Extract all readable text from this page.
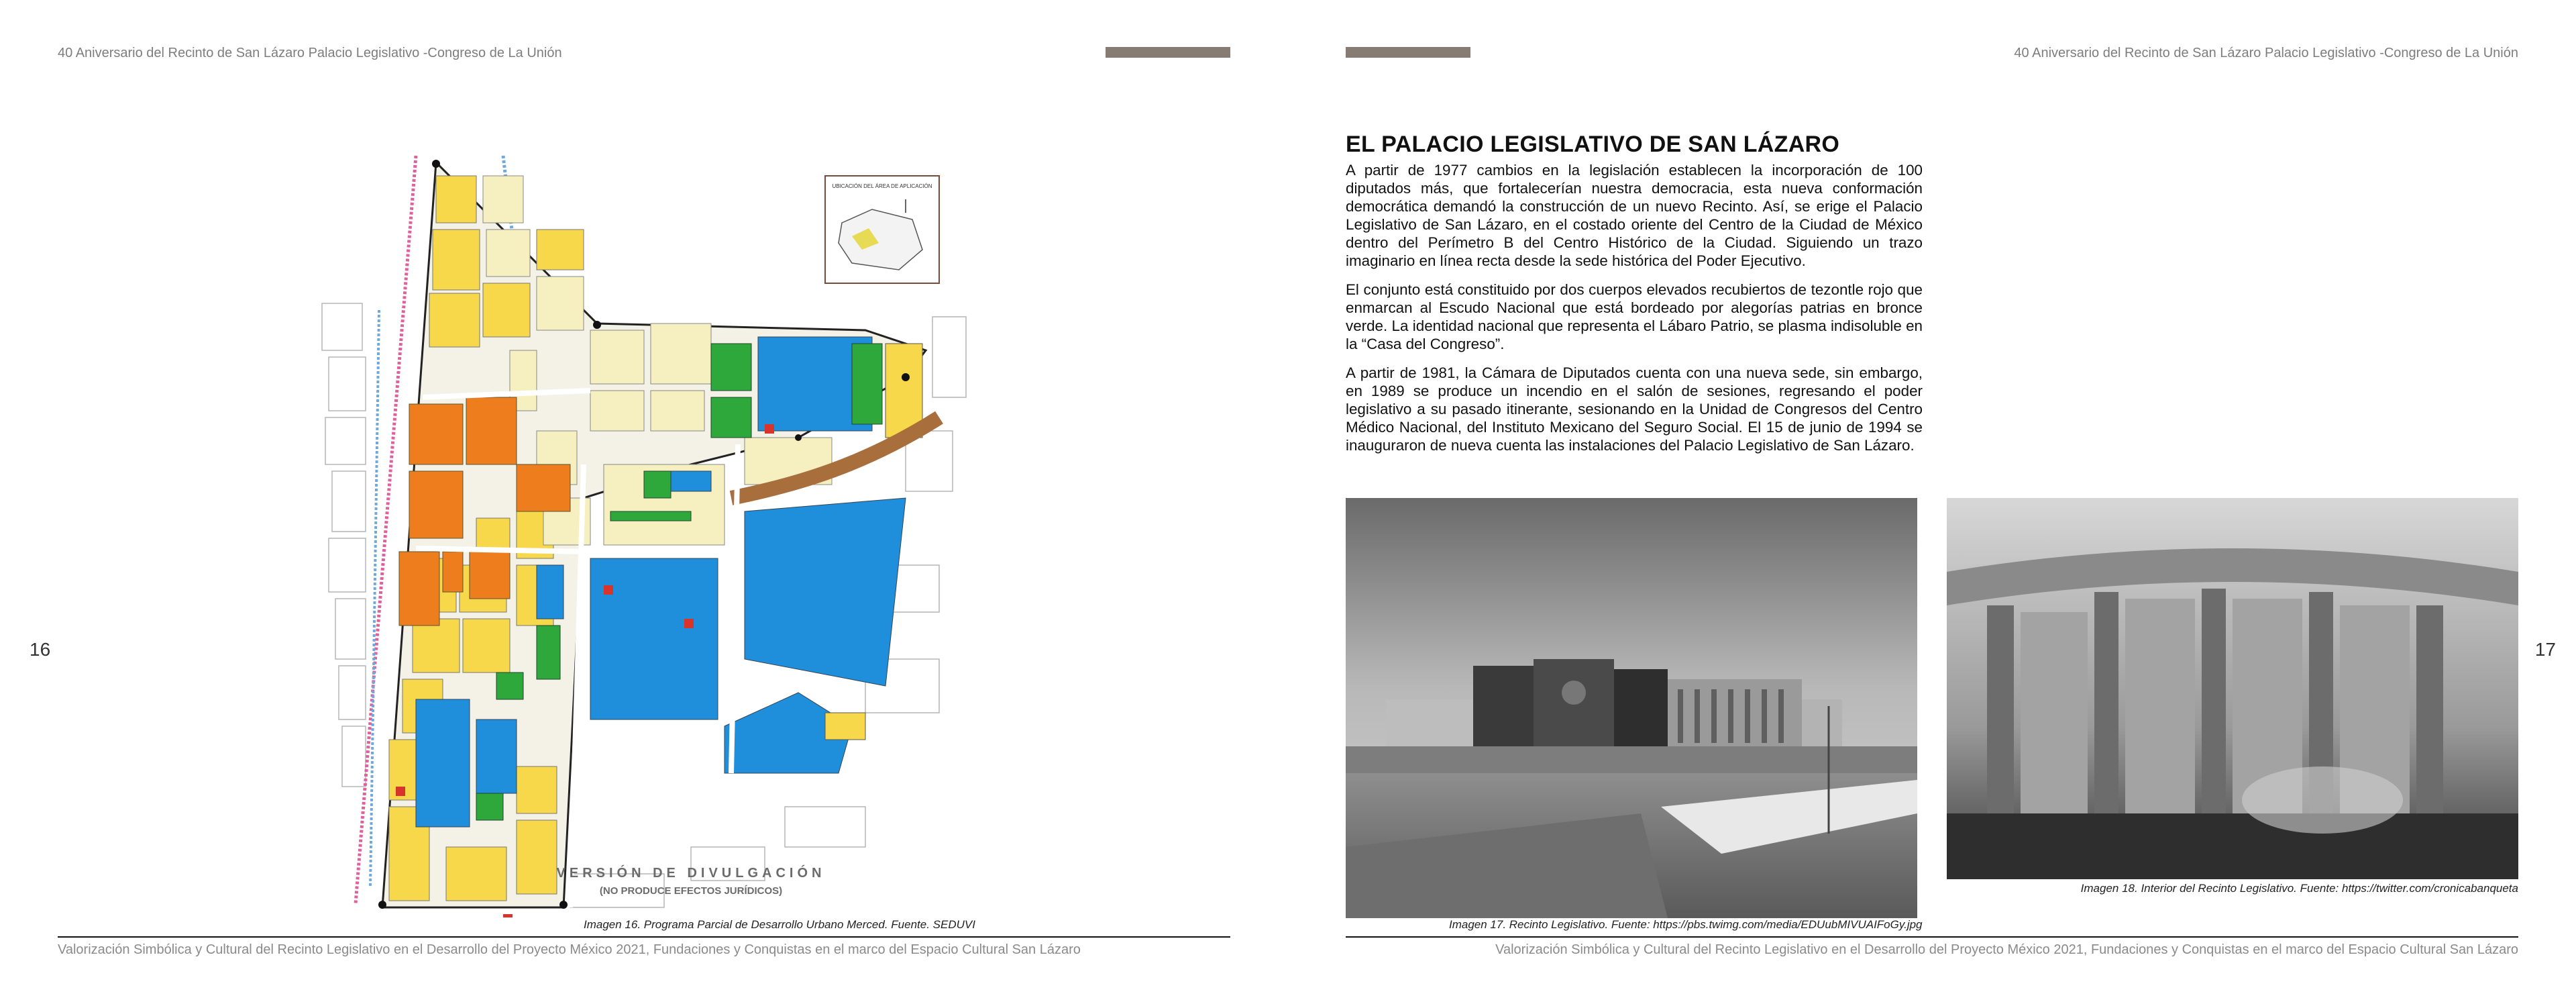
40 Aniversario del Recinto de San Lázaro Palacio Legislativo -Congreso de La Unión
16
UBICACIÓN DEL ÁREA DE APLICACIÓN
VERSIÓN DE DIVULGACIÓN
(NO PRODUCE EFECTOS JURÍDICOS)
Imagen 16. Programa Parcial de Desarrollo Urbano Merced. Fuente. SEDUVI
Valorización Simbólica y Cultural del Recinto Legislativo en el Desarrollo del Proyecto México 2021, Fundaciones y Conquistas en el marco del Espacio Cultural San Lázaro
40 Aniversario del Recinto de San Lázaro Palacio Legislativo -Congreso de La Unión
EL PALACIO LEGISLATIVO DE SAN LÁZARO

A partir de 1977 cambios en la legislación establecen la incorporación de 100 diputados más, que fortalecerían nuestra democracia, esta nueva conformación democrática demandó la construcción de un nuevo Recinto. Así, se erige el Palacio Legislativo de San Lázaro, en el costado oriente del Centro de la Ciudad de México dentro del Perímetro B del Centro Histórico de la Ciudad. Siguiendo un trazo imaginario en línea recta desde la sede histórica del Poder Ejecutivo.

El conjunto está constituido por dos cuerpos elevados recubiertos de tezontle rojo que enmarcan al Escudo Nacional que está bordeado por alegorías patrias en bronce verde. La identidad nacional que representa el Lábaro Patrio, se plasma indisoluble en la “Casa del Congreso”.

A partir de 1981, la Cámara de Diputados cuenta con una nueva sede, sin embargo, en 1989 se produce un incendio en el salón de sesiones, regresando el poder legislativo a su pasado itinerante, sesionando en la Unidad de Congresos del Centro Médico Nacional, del Instituto Mexicano del Seguro Social. El 15 de junio de 1994 se inauguraron de nueva cuenta las instalaciones del Palacio Legislativo de San Lázaro.

Imagen 17. Recinto Legislativo. Fuente: https://pbs.twimg.com/media/EDUubMIVUAIFoGy.jpg
Imagen 18. Interior del Recinto Legislativo. Fuente: https://twitter.com/cronicabanqueta
17
Valorización Simbólica y Cultural del Recinto Legislativo en el Desarrollo del Proyecto México 2021, Fundaciones y Conquistas en el marco del Espacio Cultural San Lázaro
